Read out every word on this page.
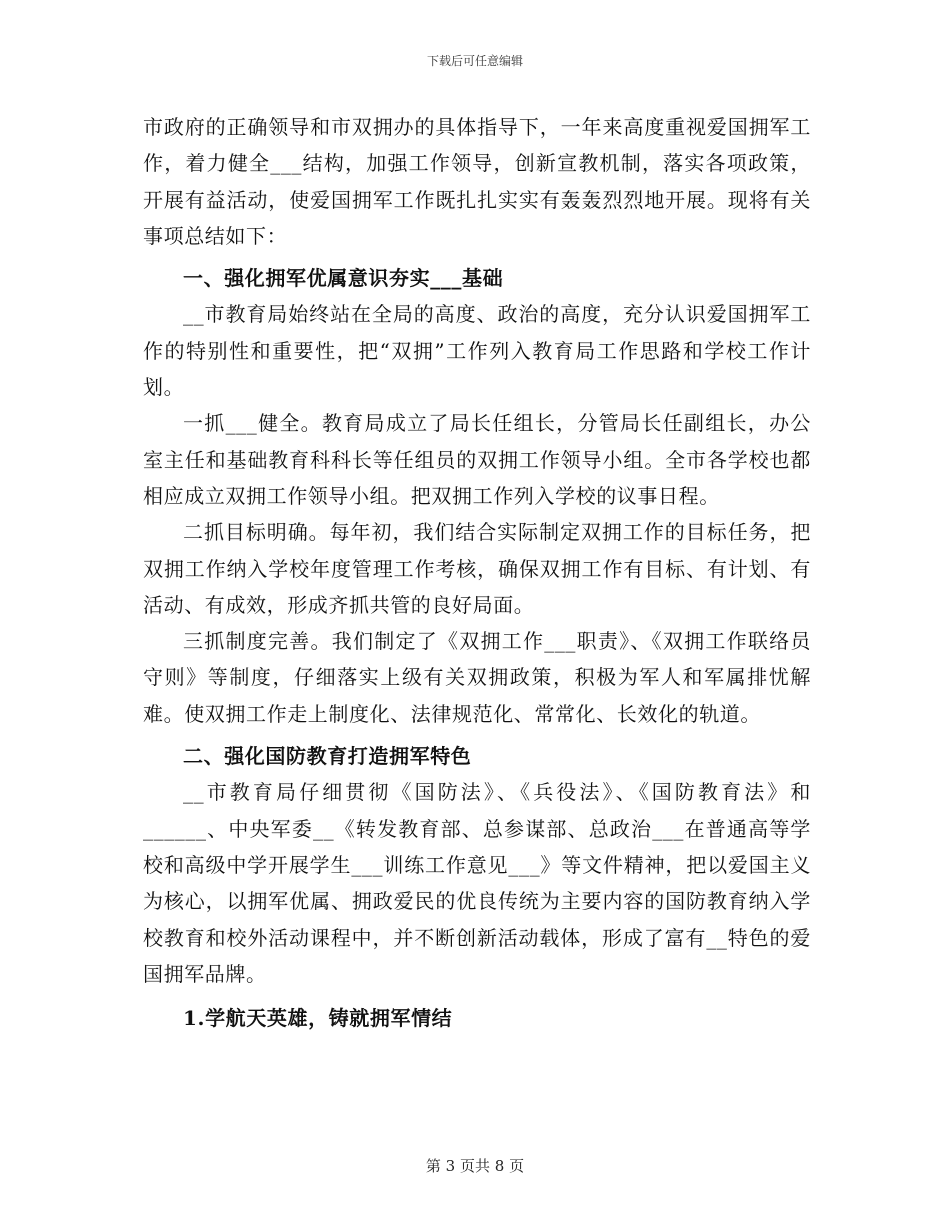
下载后可任意编辑

市政府的正确领导和市双拥办的具体指导下，一年来高度重视爱国拥军工作，着力健全___结构，加强工作领导，创新宣教机制，落实各项政策，开展有益活动，使爱国拥军工作既扎扎实实有轰轰烈烈地开展。现将有关事项总结如下：

一、强化拥军优属意识夯实___基础

__市教育局始终站在全局的高度、政治的高度，充分认识爱国拥军工作的特别性和重要性，把“双拥”工作列入教育局工作思路和学校工作计划。

一抓___健全。教育局成立了局长任组长，分管局长任副组长，办公室主任和基础教育科科长等任组员的双拥工作领导小组。全市各学校也都相应成立双拥工作领导小组。把双拥工作列入学校的议事日程。

二抓目标明确。每年初，我们结合实际制定双拥工作的目标任务，把双拥工作纳入学校年度管理工作考核，确保双拥工作有目标、有计划、有活动、有成效，形成齐抓共管的良好局面。

三抓制度完善。我们制定了《双拥工作___职责》、《双拥工作联络员守则》等制度，仔细落实上级有关双拥政策，积极为军人和军属排忧解难。使双拥工作走上制度化、法律规范化、常常化、长效化的轨道。

二、强化国防教育打造拥军特色

__市教育局仔细贯彻《国防法》、《兵役法》、《国防教育法》和______、中央军委__《转发教育部、总参谋部、总政治___在普通高等学校和高级中学开展学生___训练工作意见___》等文件精神，把以爱国主义为核心，以拥军优属、拥政爱民的优良传统为主要内容的国防教育纳入学校教育和校外活动课程中，并不断创新活动载体，形成了富有__特色的爱国拥军品牌。

1.学航天英雄，铸就拥军情结

第 3 页共 8 页
